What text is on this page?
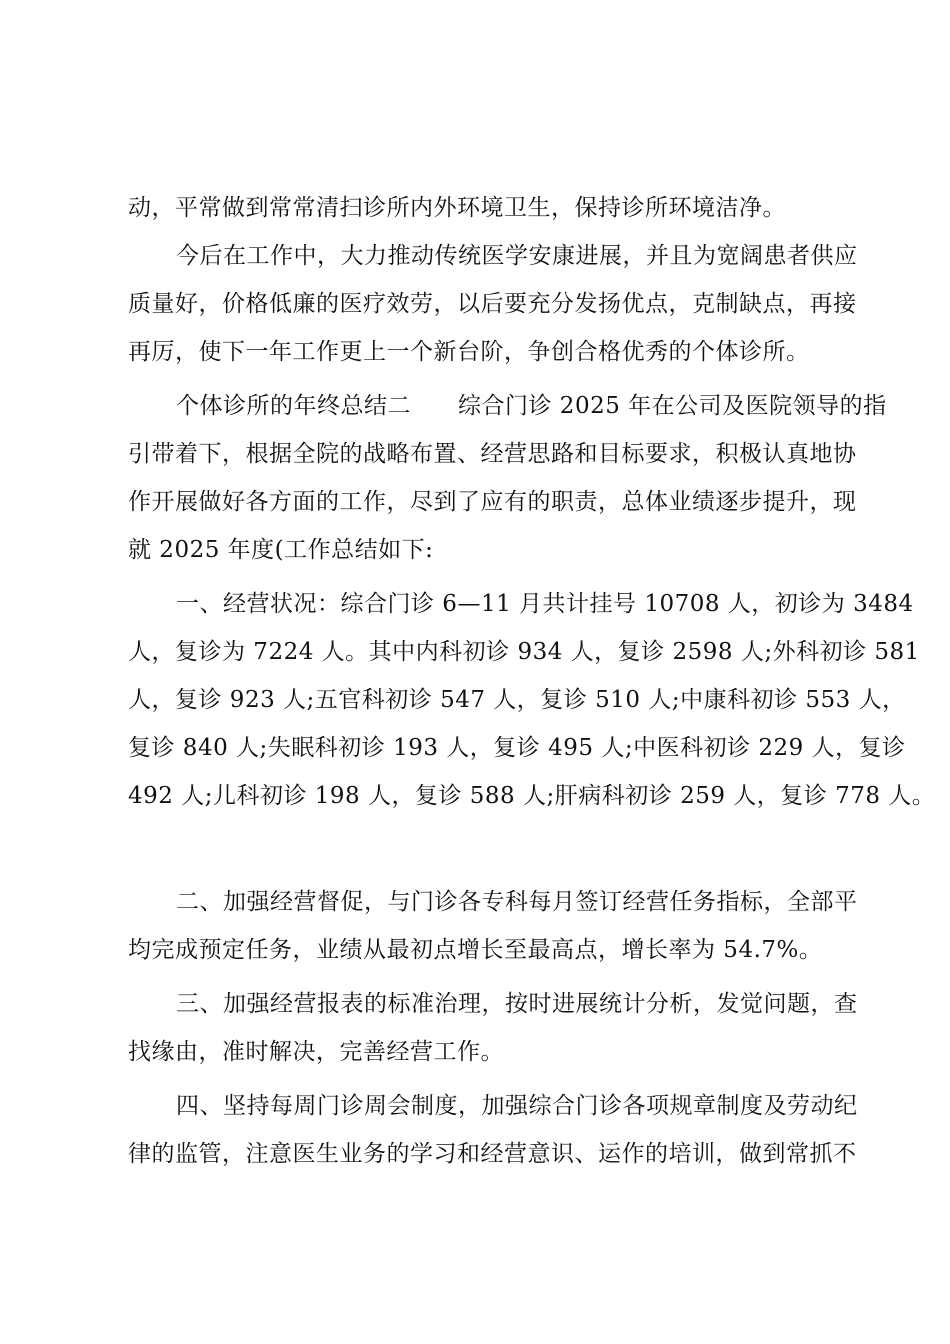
动，平常做到常常清扫诊所内外环境卫生，保持诊所环境洁净。
今后在工作中，大力推动传统医学安康进展，并且为宽阔患者供应
质量好，价格低廉的医疗效劳，以后要充分发扬优点，克制缺点，再接
再厉，使下一年工作更上一个新台阶，争创合格优秀的个体诊所。
个体诊所的年终总结二　　综合门诊 2025 年在公司及医院领导的指
引带着下，根据全院的战略布置、经营思路和目标要求，积极认真地协
作开展做好各方面的工作，尽到了应有的职责，总体业绩逐步提升，现
就 2025 年度(工作总结如下:
一、经营状况：综合门诊 6—11 月共计挂号 10708 人，初诊为 3484
人，复诊为 7224 人。其中内科初诊 934 人，复诊 2598 人;外科初诊 581
人，复诊 923 人;五官科初诊 547 人，复诊 510 人;中康科初诊 553 人，
复诊 840 人;失眠科初诊 193 人，复诊 495 人;中医科初诊 229 人，复诊
492 人;儿科初诊 198 人，复诊 588 人;肝病科初诊 259 人，复诊 778 人。
二、加强经营督促，与门诊各专科每月签订经营任务指标，全部平
均完成预定任务，业绩从最初点增长至最高点，增长率为 54.7%。
三、加强经营报表的标准治理，按时进展统计分析，发觉问题，查
找缘由，准时解决，完善经营工作。
四、坚持每周门诊周会制度，加强综合门诊各项规章制度及劳动纪
律的监管，注意医生业务的学习和经营意识、运作的培训，做到常抓不
